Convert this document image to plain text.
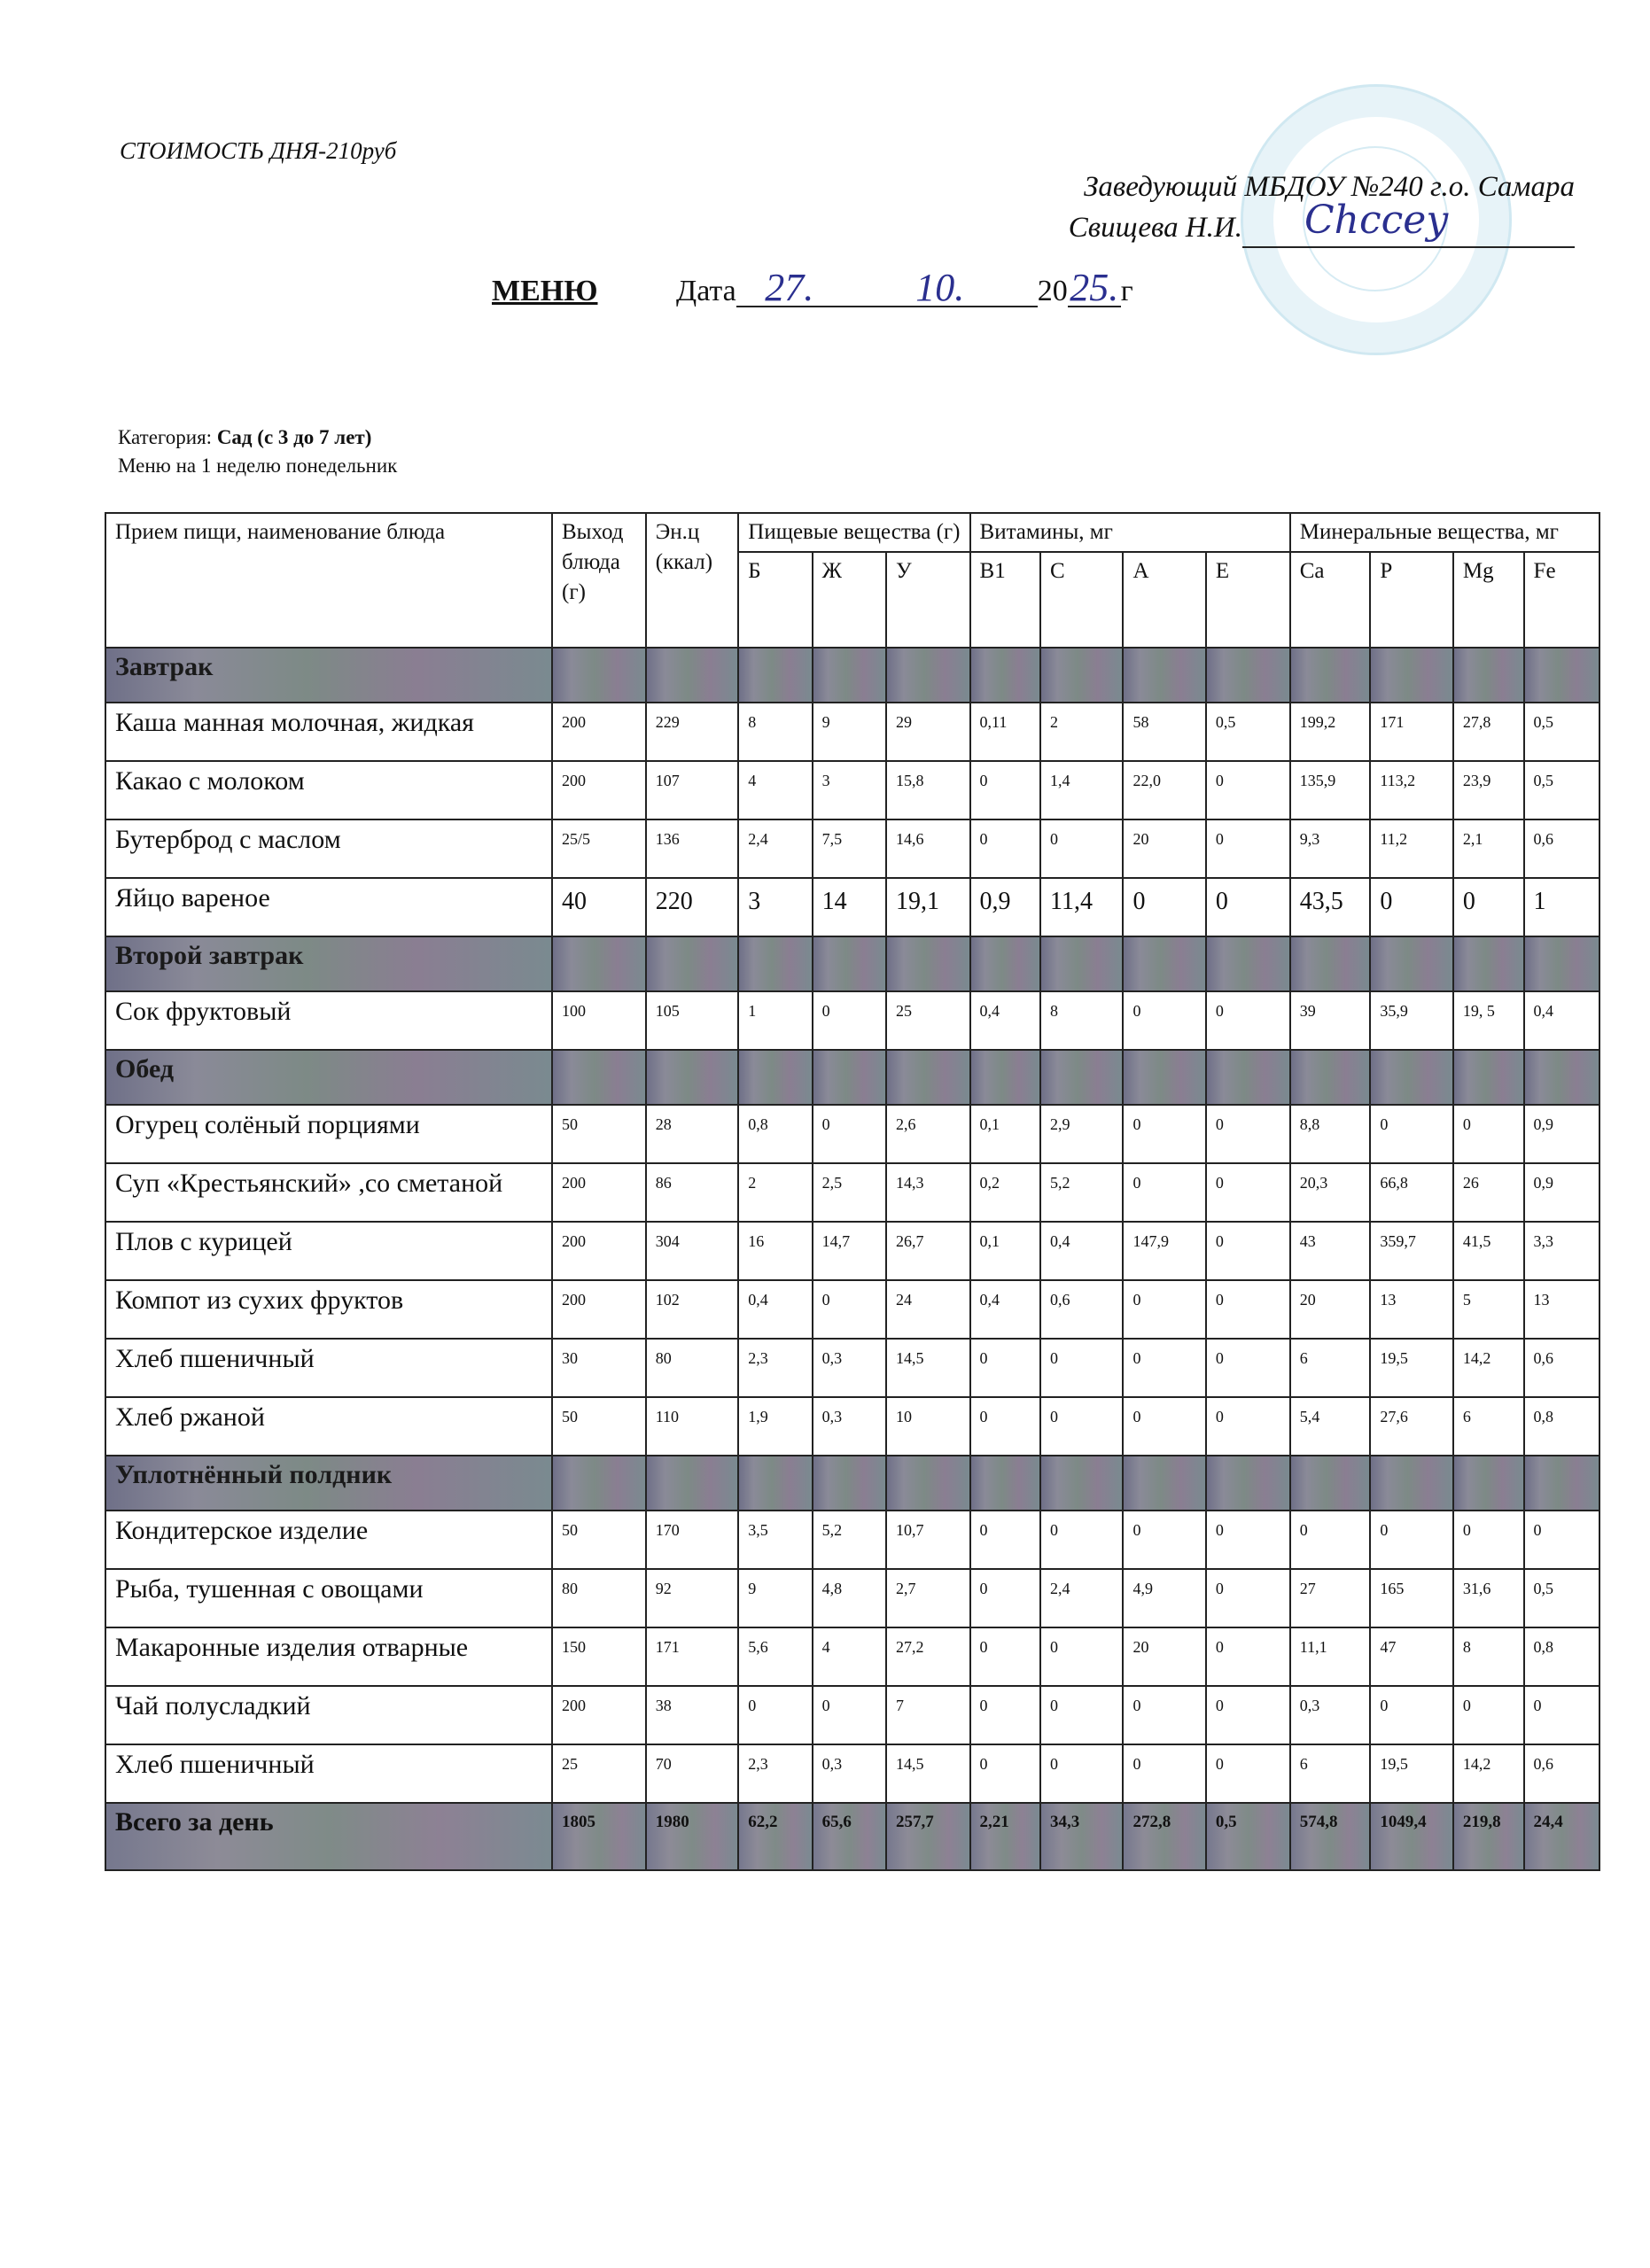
СТОИМОСТЬ ДНЯ-210руб
Заведующий МБДОУ №240 г.о. Самара
Свищева Н.И. Chccey
МЕНЮ	Дата 27.	10. 2025.г
Категория: Сад (с 3 до 7 лет)
Меню на 1 неделю понедельник
Прием пищи, наименование блюда	Выход блюда (г)	Эн.ц (ккал)	Пищевые вещества (г)			Витамины, мг				Минеральные вещества, мг			
			Б	Ж	У	В1	С	А	Е	Са	Р	Mg	Fe
Завтрак													
Каша манная молочная, жидкая	200	229	8	9	29	0,11	2	58	0,5	199,2	171	27,8	0,5
Какао с молоком	200	107	4	3	15,8	0	1,4	22,0	0	135,9	113,2	23,9	0,5
Бутерброд с маслом	25/5	136	2,4	7,5	14,6	0	0	20	0	9,3	11,2	2,1	0,6
Яйцо вареное	40	220	3	14	19,1	0,9	11,4	0	0	43,5	0	0	1
Второй завтрак													
Сок фруктовый	100	105	1	0	25	0,4	8	0	0	39	35,9	19, 5	0,4
Обед													
Огурец солёный порциями	50	28	0,8	0	2,6	0,1	2,9	0	0	8,8	0	0	0,9
Суп «Крестьянский» ,со сметаной	200	86	2	2,5	14,3	0,2	5,2	0	0	20,3	66,8	26	0,9
Плов с курицей	200	304	16	14,7	26,7	0,1	0,4	147,9	0	43	359,7	41,5	3,3
Компот из сухих фруктов	200	102	0,4	0	24	0,4	0,6	0	0	20	13	5	13
Хлеб пшеничный	30	80	2,3	0,3	14,5	0	0	0	0	6	19,5	14,2	0,6
Хлеб ржаной	50	110	1,9	0,3	10	0	0	0	0	5,4	27,6	6	0,8
Уплотнённый полдник													
Кондитерское изделие	50	170	3,5	5,2	10,7	0	0	0	0	0	0	0	0
Рыба, тушенная с овощами	80	92	9	4,8	2,7	0	2,4	4,9	0	27	165	31,6	0,5
Макаронные изделия отварные	150	171	5,6	4	27,2	0	0	20	0	11,1	47	8	0,8
Чай полусладкий	200	38	0	0	7	0	0	0	0	0,3	0	0	0
Хлеб пшеничный	25	70	2,3	0,3	14,5	0	0	0	0	6	19,5	14,2	0,6
Всего за день	1805	1980	62,2	65,6	257,7	2,21	34,3	272,8	0,5	574,8	1049,4	219,8	24,4
